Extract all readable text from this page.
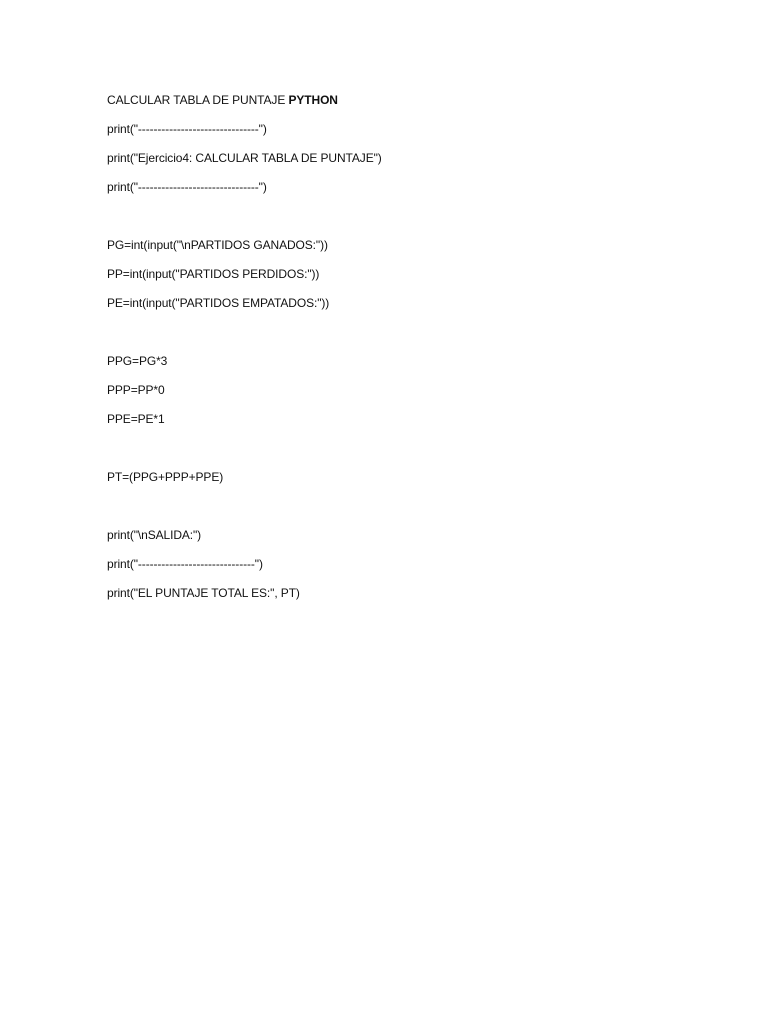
CALCULAR TABLA DE PUNTAJE PYTHON
print("-------------------------------")
print("Ejercicio4: CALCULAR TABLA DE PUNTAJE")
print("-------------------------------")
PG=int(input("\nPARTIDOS GANADOS:"))
PP=int(input("PARTIDOS PERDIDOS:"))
PE=int(input("PARTIDOS EMPATADOS:"))
PPG=PG*3
PPP=PP*0
PPE=PE*1
PT=(PPG+PPP+PPE)
print("\nSALIDA:")
print("------------------------------")
print("EL PUNTAJE TOTAL ES:", PT)
